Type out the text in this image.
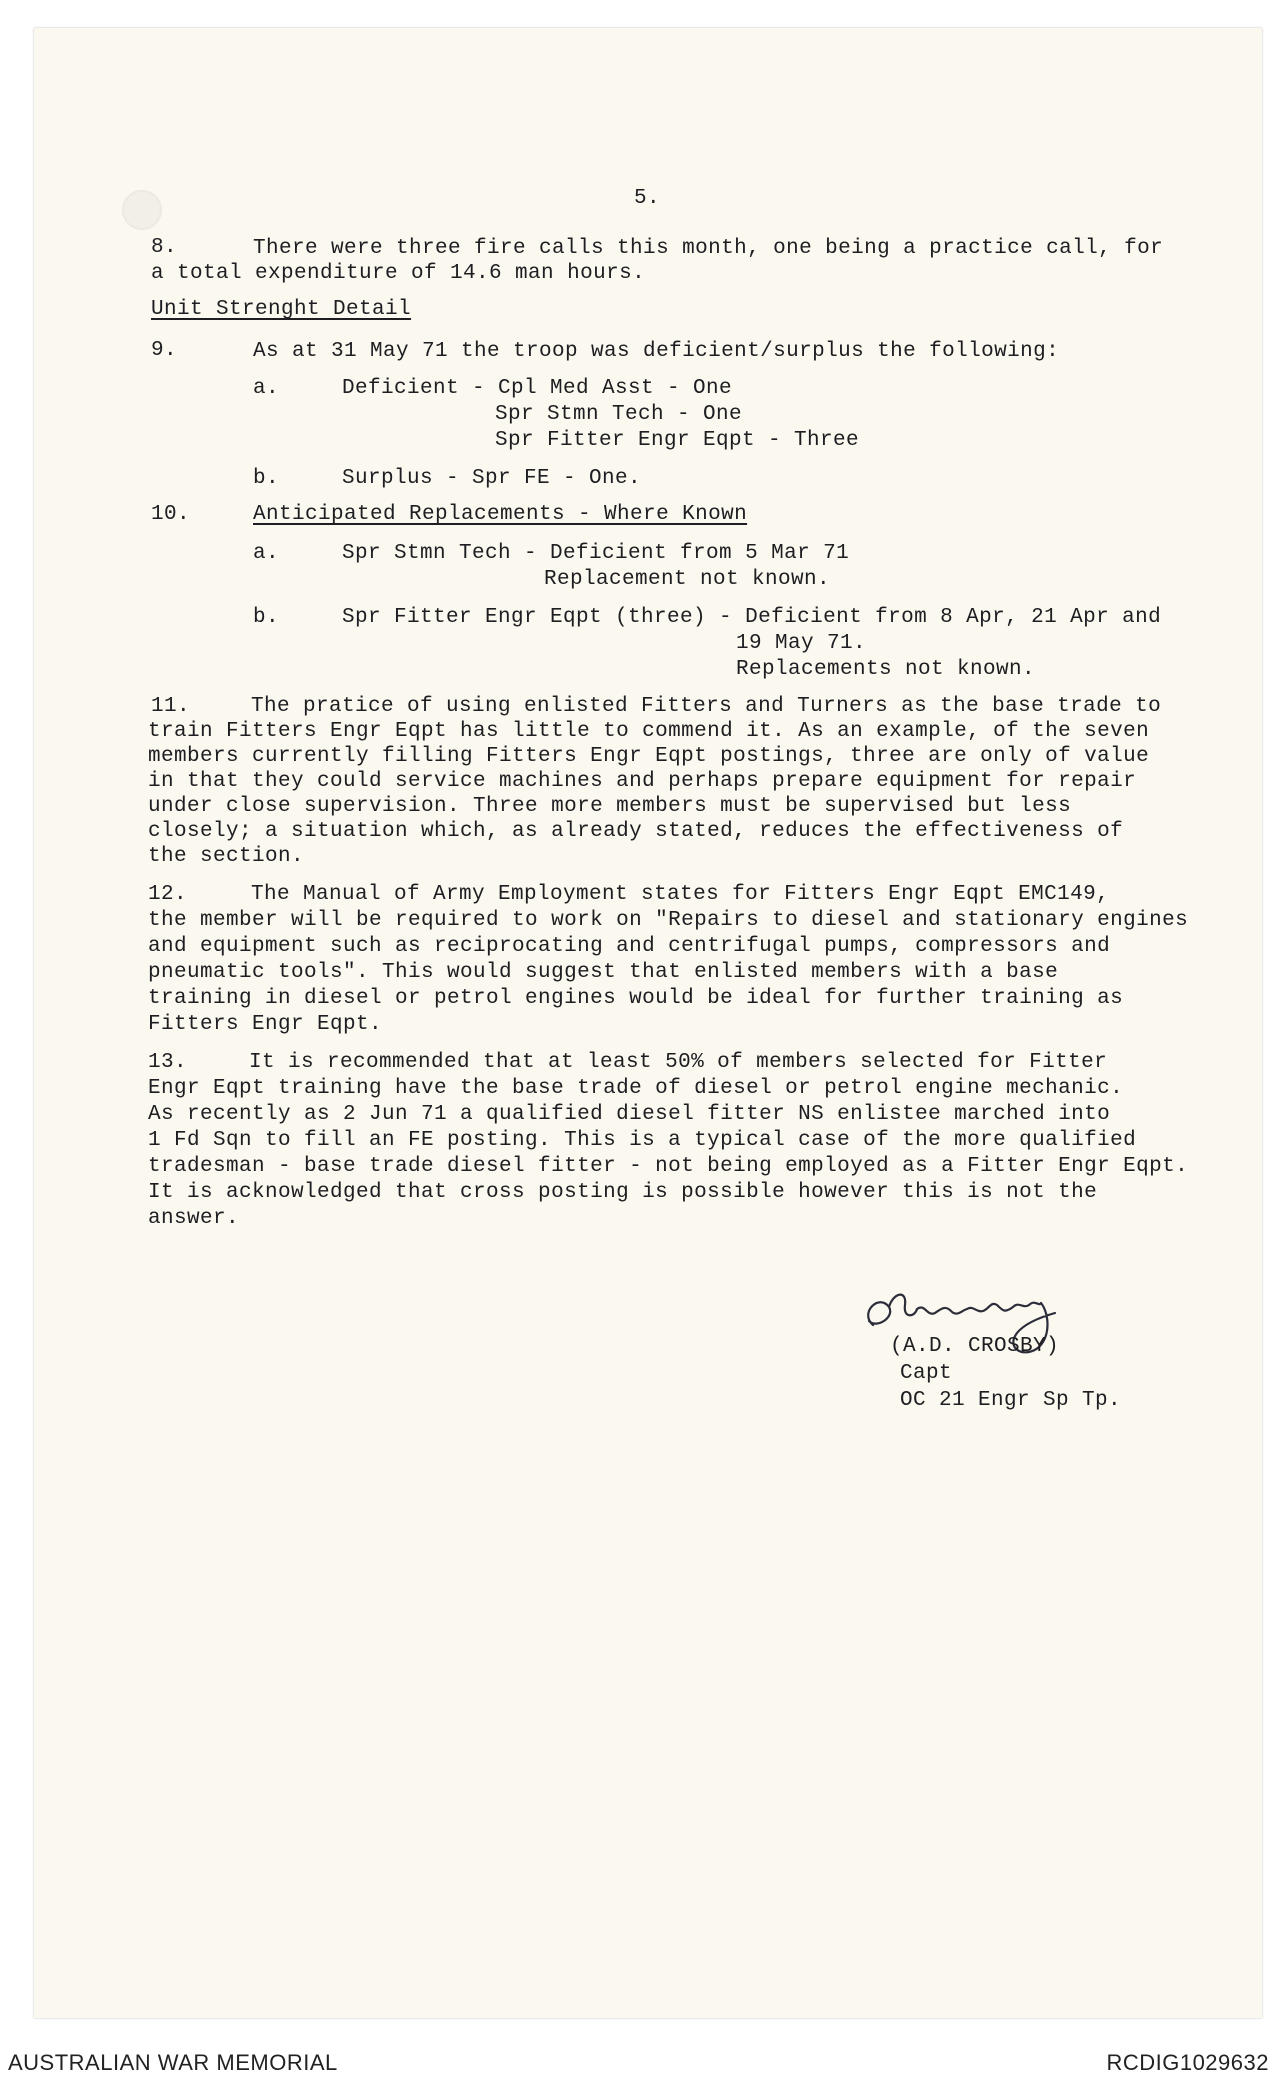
5.
8.	There were three fire calls this month, one being a practice call, for
a total expenditure of 14.6 man hours.
Unit Strenght Detail
9.	As at 31 May 71 the troop was deficient/surplus the following:
a.	Deficient - Cpl Med Asst - One
Spr Stmn Tech - One
Spr Fitter Engr Eqpt - Three
b.	Surplus - Spr FE - One.
10.	Anticipated Replacements - Where Known
a.	Spr Stmn Tech - Deficient from 5 Mar 71
Replacement not known.
b.	Spr Fitter Engr Eqpt (three) - Deficient from 8 Apr, 21 Apr and
19 May 71.
Replacements not known.
11.	The pratice of using enlisted Fitters and Turners as the base trade to
train Fitters Engr Eqpt has little to commend it. As an example, of the seven
members currently filling Fitters Engr Eqpt postings, three are only of value
in that they could service machines and perhaps prepare equipment for repair
under close supervision. Three more members must be supervised but less
closely; a situation which, as already stated, reduces the effectiveness of
the section.
12.	The Manual of Army Employment states for Fitters Engr Eqpt EMC149,
the member will be required to work on "Repairs to diesel and stationary engines
and equipment such as reciprocating and centrifugal pumps, compressors and
pneumatic tools". This would suggest that enlisted members with a base
training in diesel or petrol engines would be ideal for further training as
Fitters Engr Eqpt.
13.	It is recommended that at least 50% of members selected for Fitter
Engr Eqpt training have the base trade of diesel or petrol engine mechanic.
As recently as 2 Jun 71 a qualified diesel fitter NS enlistee marched into
1 Fd Sqn to fill an FE posting. This is a typical case of the more qualified
tradesman - base trade diesel fitter - not being employed as a Fitter Engr Eqpt.
It is acknowledged that cross posting is possible however this is not the
answer.
(A.D. CROSBY)
Capt
OC 21 Engr Sp Tp.
AUSTRALIAN WAR MEMORIAL	RCDIG1029632
